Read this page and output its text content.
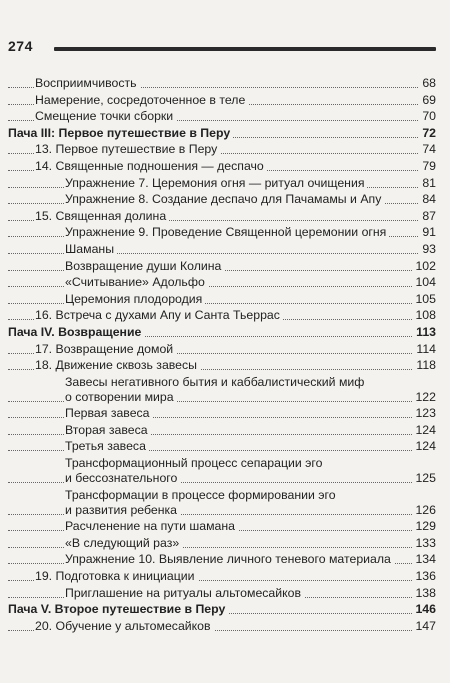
274
Восприимчивость	68
Намерение, сосредоточенное в теле	69
Смещение точки сборки	70
Пача III: Первое путешествие в Перу	72
13. Первое путешествие в Перу	74
14. Священные подношения — деспачо	79
Упражнение 7. Церемония огня — ритуал очищения	81
Упражнение 8. Создание деспачо для Пачамамы и Апу	84
15. Священная долина	87
Упражнение 9. Проведение Священной церемонии огня	91
Шаманы	93
Возвращение души Колина	102
«Считывание» Адольфо	104
Церемония плодородия	105
16. Встреча с духами Апу и Санта Тьеррас	108
Пача IV. Возвращение	113
17. Возвращение домой	114
18. Движение сквозь завесы	118
Завесы негативного бытия и каббалистический миф
о сотворении мира	122
Первая завеса	123
Вторая завеса	124
Третья завеса	124
Трансформационный процесс сепарации эго
и бессознательного	125
Трансформации в процессе формировании эго
и развития ребенка	126
Расчленение на пути шамана	129
«В следующий раз»	133
Упражнение 10. Выявление личного теневого материала 134
19. Подготовка к инициации	136
Приглашение на ритуалы альтомесайков	138
Пача V. Второе путешествие в Перу	146
20. Обучение у альтомесайков	147
